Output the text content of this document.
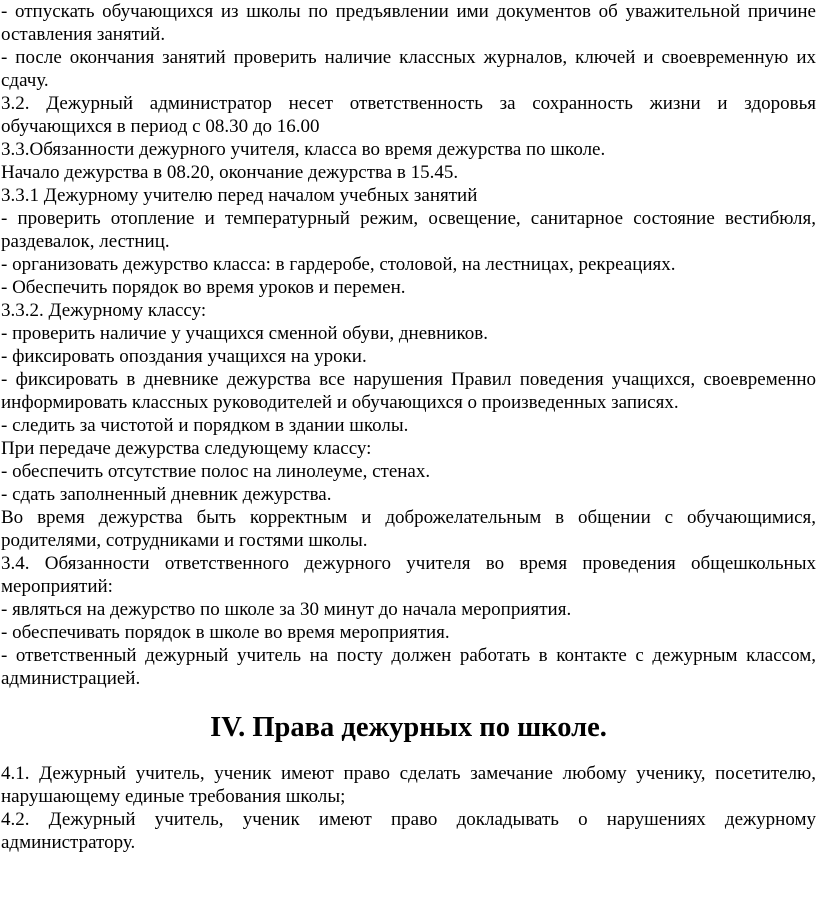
- отпускать обучающихся из школы по предъявлении ими документов об уважительной причине оставления занятий.

- после окончания занятий проверить наличие классных журналов, ключей и своевременную их сдачу.

3.2. Дежурный администратор несет ответственность за сохранность жизни и здоровья обучающихся в период с 08.30 до 16.00

3.3.Обязанности дежурного учителя, класса во время дежурства по школе.

Начало дежурства в 08.20, окончание дежурства в 15.45.

3.3.1 Дежурному учителю перед началом учебных занятий

- проверить отопление и температурный режим, освещение, санитарное состояние вестибюля, раздевалок, лестниц.

- организовать дежурство класса: в гардеробе, столовой, на лестницах, рекреациях.

- Обеспечить порядок во время уроков и перемен.

3.3.2. Дежурному классу:

- проверить наличие у учащихся сменной обуви, дневников.

- фиксировать опоздания учащихся на уроки.

- фиксировать в дневнике дежурства все нарушения Правил поведения учащихся, своевременно информировать классных руководителей и обучающихся о произведенных записях.

- следить за чистотой и порядком в здании школы.

При передаче дежурства следующему классу:

- обеспечить отсутствие полос на линолеуме, стенах.

- сдать заполненный дневник дежурства.

Во время дежурства быть корректным и доброжелательным в общении с обучающимися, родителями, сотрудниками и гостями школы.

3.4. Обязанности ответственного дежурного учителя во время проведения общешкольных мероприятий:

- являться на дежурство по школе за 30 минут до начала мероприятия.

- обеспечивать порядок в школе во время мероприятия.

- ответственный дежурный учитель на посту должен работать в контакте с дежурным классом, администрацией.

IV. Права дежурных по школе.

4.1. Дежурный учитель, ученик имеют право сделать замечание любому ученику, посетителю, нарушающему единые требования школы;

4.2. Дежурный учитель, ученик имеют право докладывать о нарушениях дежурному администратору.
